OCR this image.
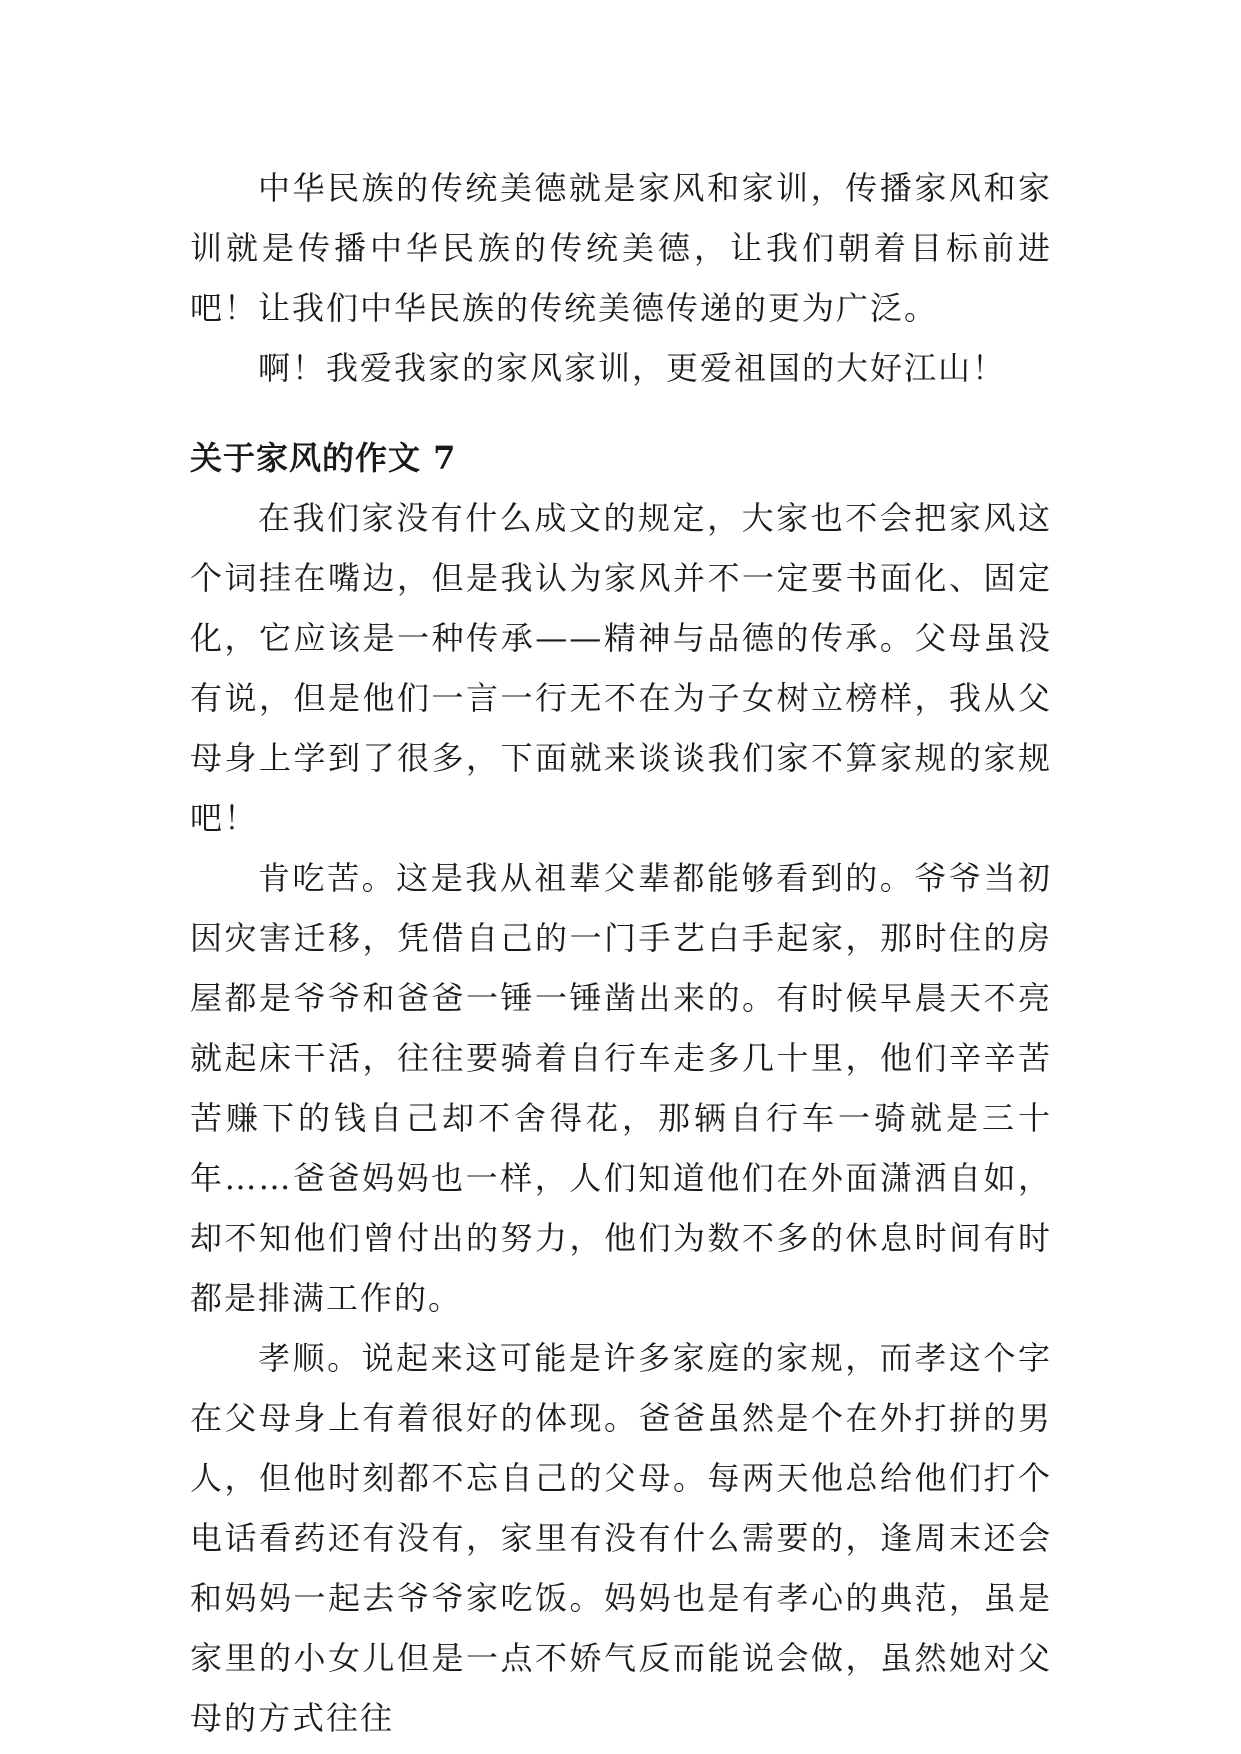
中华民族的传统美德就是家风和家训，传播家风和家训就是传播中华民族的传统美德，让我们朝着目标前进吧！让我们中华民族的传统美德传递的更为广泛。

啊！我爱我家的家风家训，更爱祖国的大好江山！

关于家风的作文 7

在我们家没有什么成文的规定，大家也不会把家风这个词挂在嘴边，但是我认为家风并不一定要书面化、固定化，它应该是一种传承——精神与品德的传承。父母虽没有说，但是他们一言一行无不在为子女树立榜样，我从父母身上学到了很多，下面就来谈谈我们家不算家规的家规吧！

肯吃苦。这是我从祖辈父辈都能够看到的。爷爷当初因灾害迁移，凭借自己的一门手艺白手起家，那时住的房屋都是爷爷和爸爸一锤一锤凿出来的。有时候早晨天不亮就起床干活，往往要骑着自行车走多几十里，他们辛辛苦苦赚下的钱自己却不舍得花，那辆自行车一骑就是三十年……爸爸妈妈也一样，人们知道他们在外面潇洒自如，却不知他们曾付出的努力，他们为数不多的休息时间有时都是排满工作的。

孝顺。说起来这可能是许多家庭的家规，而孝这个字在父母身上有着很好的体现。爸爸虽然是个在外打拼的男人，但他时刻都不忘自己的父母。每两天他总给他们打个电话看药还有没有，家里有没有什么需要的，逢周末还会和妈妈一起去爷爷家吃饭。妈妈也是有孝心的典范，虽是家里的小女儿但是一点不娇气反而能说会做，虽然她对父母的方式往往
